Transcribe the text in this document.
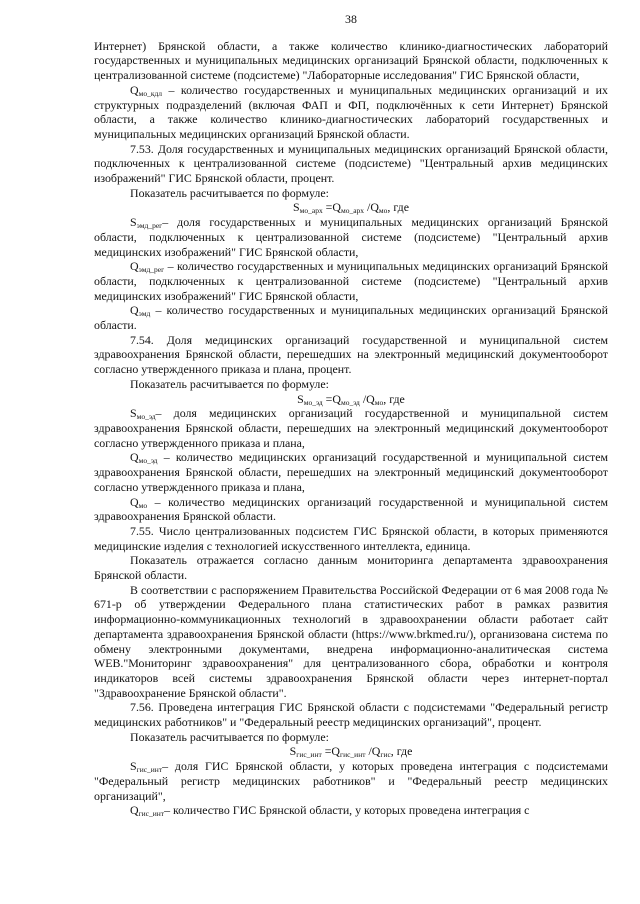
38

Интернет) Брянской области, а также количество клинико-диагностических лабораторий государственных и муниципальных медицинских организаций Брянской области, подключенных к централизованной системе (подсистеме) "Лабораторные исследования" ГИС Брянской области,

$Q_{мо\_кдл}$ – количество государственных и муниципальных медицинских организаций и их структурных подразделений (включая ФАП и ФП, подключённых к сети Интернет) Брянской области, а также количество клинико-диагностических лабораторий государственных и муниципальных медицинских организаций Брянской области.

7.53. Доля государственных и муниципальных медицинских организаций Брянской области, подключенных к централизованной системе (подсистеме) "Центральный архив медицинских изображений" ГИС Брянской области, процент.

Показатель расчитывается по формуле:

$S_{мо\_арх} =Q_{мо\_арх}$ $/Q_{мо}$, где

$S_{эмд\_рег}-$ доля государственных и муниципальных медицинских организаций Брянской области, подключенных к централизованной системе (подсистеме) "Центральный архив медицинских изображений" ГИС Брянской области,

$Q_{эмд\_рег}$ – количество государственных и муниципальных медицинских организаций Брянской области, подключенных к централизованной системе (подсистеме) "Центральный архив медицинских изображений" ГИС Брянской области,

$Q_{эмд}$ – количество государственных и муниципальных медицинских организаций Брянской области.

7.54. Доля медицинских организаций государственной и муниципальной систем здравоохранения Брянской области, перешедших на электронный медицинский документооборот согласно утвержденного приказа и плана, процент.

Показатель расчитывается по формуле:

$S_{мо\_эд} =Q_{мо\_эд}$ $/Q_{мо}$, где

$S_{мо\_эд}-$ доля медицинских организаций государственной и муниципальной систем здравоохранения Брянской области, перешедших на электронный медицинский документооборот согласно утвержденного приказа и плана,

$Q_{мо\_эд}$ – количество медицинских организаций государственной и муниципальной систем здравоохранения Брянской области, перешедших на электронный медицинский документооборот согласно утвержденного приказа и плана,

$Q_{мо}$ – количество медицинских организаций государственной и муниципальной систем здравоохранения Брянской области.

7.55. Число централизованных подсистем ГИС Брянской области, в которых применяются медицинские изделия с технологией искусственного интеллекта, единица.

Показатель отражается согласно данным мониторинга департамента здравоохранения Брянской области.

В соответствии с распоряжением Правительства Российской Федерации от 6 мая 2008 года № 671-р об утверждении Федерального плана статистических работ в рамках развития информационно-коммуникационных технологий в здравоохранении области работает сайт департамента здравоохранения Брянской области (https://www.brkmed.ru/), организована система по обмену электронными документами, внедрена информационно-аналитическая система WEB."Мониторинг здравоохранения" для централизованного сбора, обработки и контроля индикаторов всей системы здравоохранения Брянской области через интернет-портал "Здравоохранение Брянской области".

7.56. Проведена интеграция ГИС Брянской области с подсистемами "Федеральный регистр медицинских работников" и "Федеральный реестр медицинских организаций", процент.

Показатель расчитывается по формуле:

$S_{гис\_инт} =Q_{гис\_инт}$ $/Q_{гис}$, где

$S_{гис\_инт}-$ доля ГИС Брянской области, у которых проведена интеграция с подсистемами "Федеральный регистр медицинских работников" и "Федеральный реестр медицинских организаций",

$Q_{гис\_инт}-$ количество ГИС Брянской области, у которых проведена интеграция с
